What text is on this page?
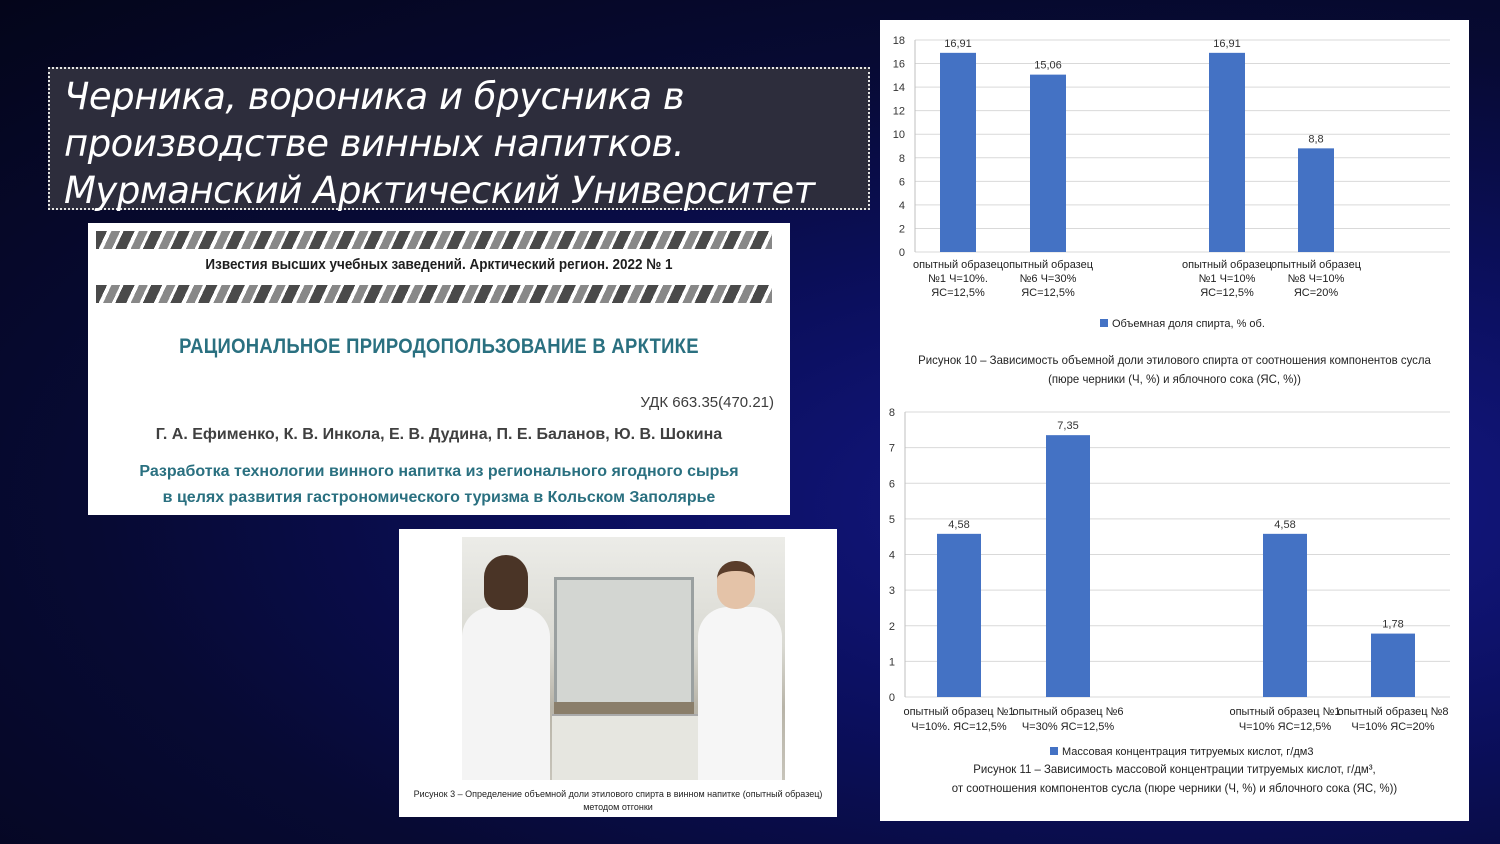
Черника, вороника и брусника в
производстве винных напитков.
Мурманский Арктический Университет
Известия высших учебных заведений. Арктический регион. 2022 № 1
РАЦИОНАЛЬНОЕ ПРИРОДОПОЛЬЗОВАНИЕ В АРКТИКЕ
УДК 663.35(470.21)
Г. А. Ефименко, К. В. Инкола, Е. В. Дудина, П. Е. Баланов, Ю. В. Шокина
Разработка технологии винного напитка из регионального ягодного сырья
в целях развития гастрономического туризма в Кольском Заполярье
Рисунок 3 – Определение объемной доли этилового спирта в винном напитке (опытный образец)
методом отгонки
0
2
4
6
8
10
12
14
16
18	16,91
опытный образец
№1 Ч=10%.
ЯС=12,5%
15,06
опытный образец
№6 Ч=30%
ЯС=12,5%
16,91
опытный образец
№1 Ч=10%
ЯС=12,5%
8,8
опытный образец
№8 Ч=10%
ЯС=20%
Объемная доля спирта, % об.
Рисунок 10 – Зависимость объемной доли этилового спирта от соотношения компонентов сусла
(пюре черники (Ч, %) и яблочного сока (ЯС, %))
0
1
2
3
4
5
6
7
8
4,58
опытный образец №1
Ч=10%. ЯС=12,5%
7,35
опытный образец №6
Ч=30% ЯС=12,5%
4,58
опытный образец №1
Ч=10% ЯС=12,5%
1,78
опытный образец №8
Ч=10% ЯС=20%
Массовая концентрация титруемых кислот, г/дм3
Рисунок 11 – Зависимость массовой концентрации титруемых кислот, г/дм³,
от соотношения компонентов сусла (пюре черники (Ч, %) и яблочного сока (ЯС, %))
